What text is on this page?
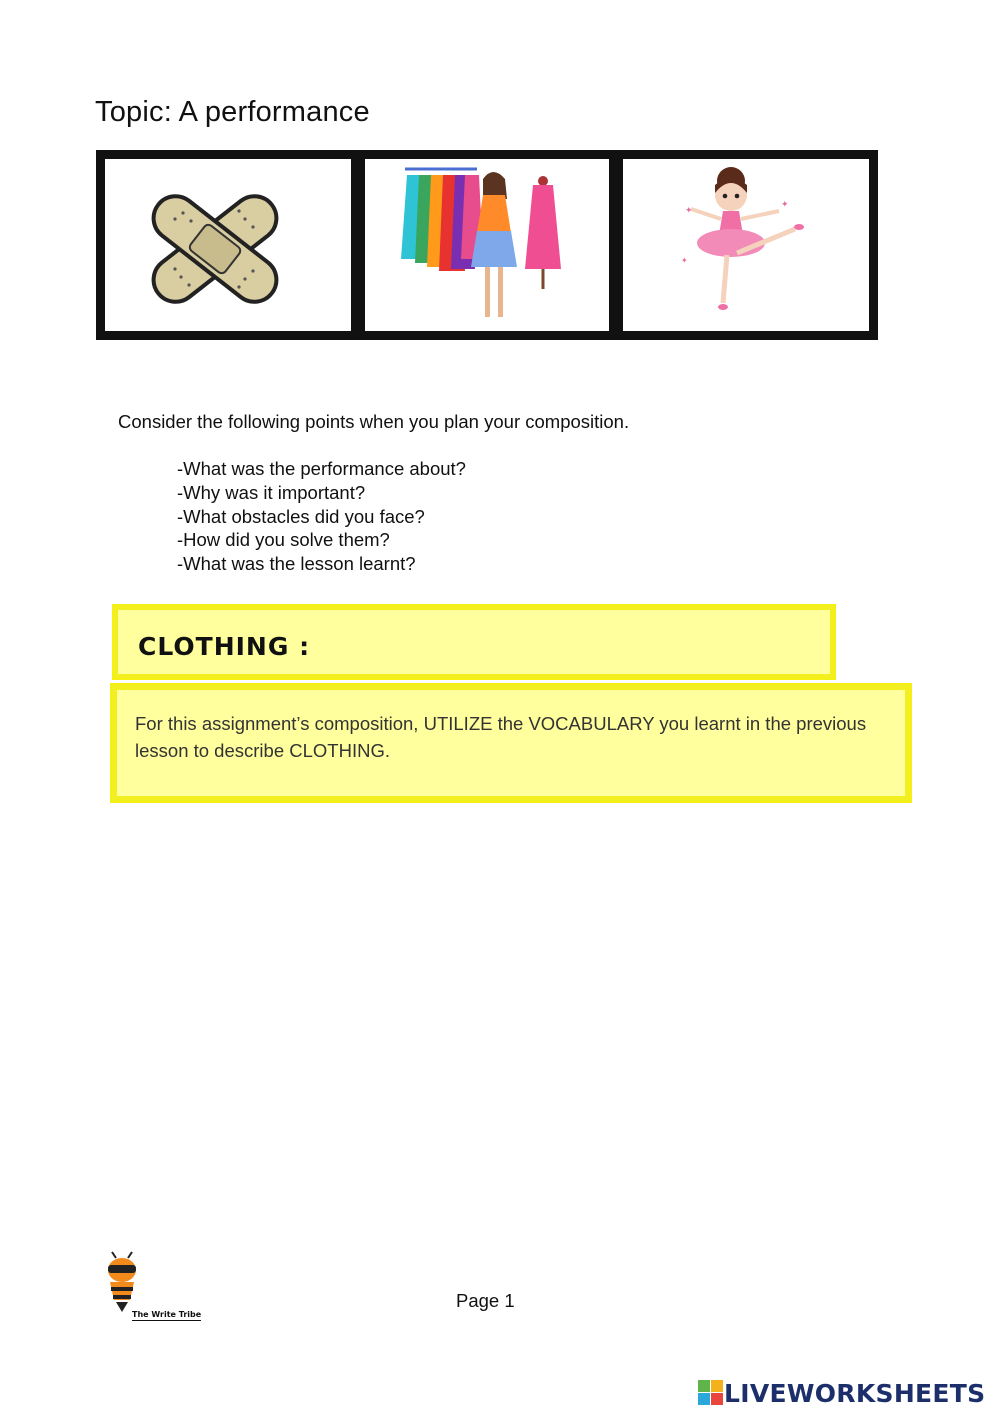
Topic: A performance
✦
✦
✦
Consider the following points when you plan your composition.
-What was the performance about?
-Why was it important?
-What obstacles did you face?
-How did you solve them?
-What was the lesson learnt?
CLOTHING :
For this assignment’s composition, UTILIZE the VOCABULARY you learnt in the previous lesson to describe CLOTHING.
The Write Tribe
Page 1
LIVEWORKSHEETS
